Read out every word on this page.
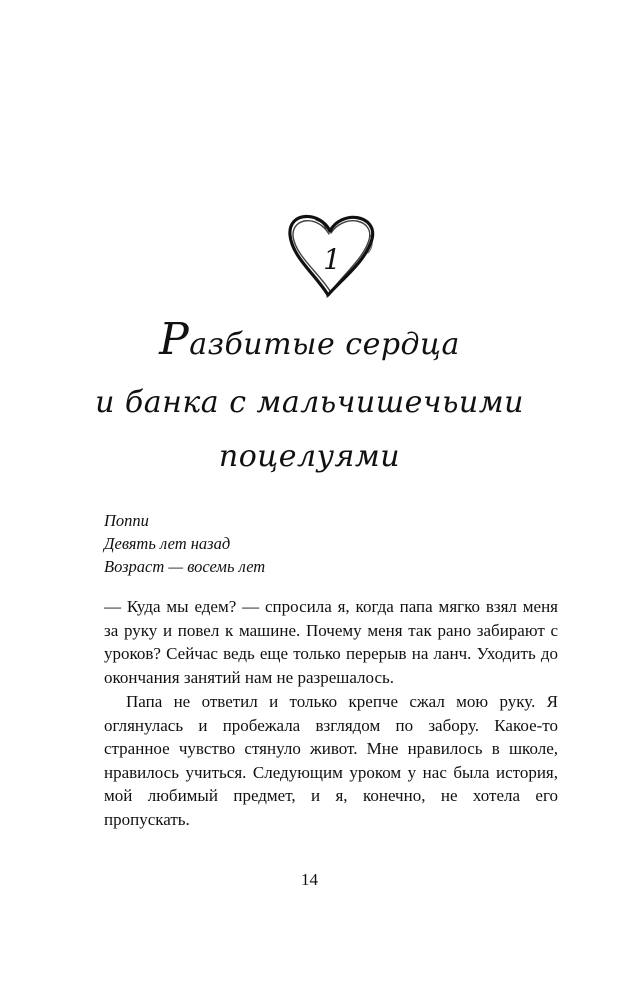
1
Разбитые сердца
и банка с мальчишечьими
поцелуями
Поппи
Девять лет назад
Возраст — восемь лет

— Куда мы едем? — спросила я, когда папа мягко взял меня за руку и повел к машине. Почему меня так рано забирают с уроков? Сейчас ведь еще только перерыв на ланч. Уходить до окончания занятий нам не разрешалось.

Папа не ответил и только крепче сжал мою руку. Я оглянулась и пробежала взглядом по забору. Какое-то странное чувство стянуло живот. Мне нравилось в школе, нравилось учиться. Следующим уроком у нас была история, мой любимый предмет, и я, конечно, не хотела его пропускать.

14
